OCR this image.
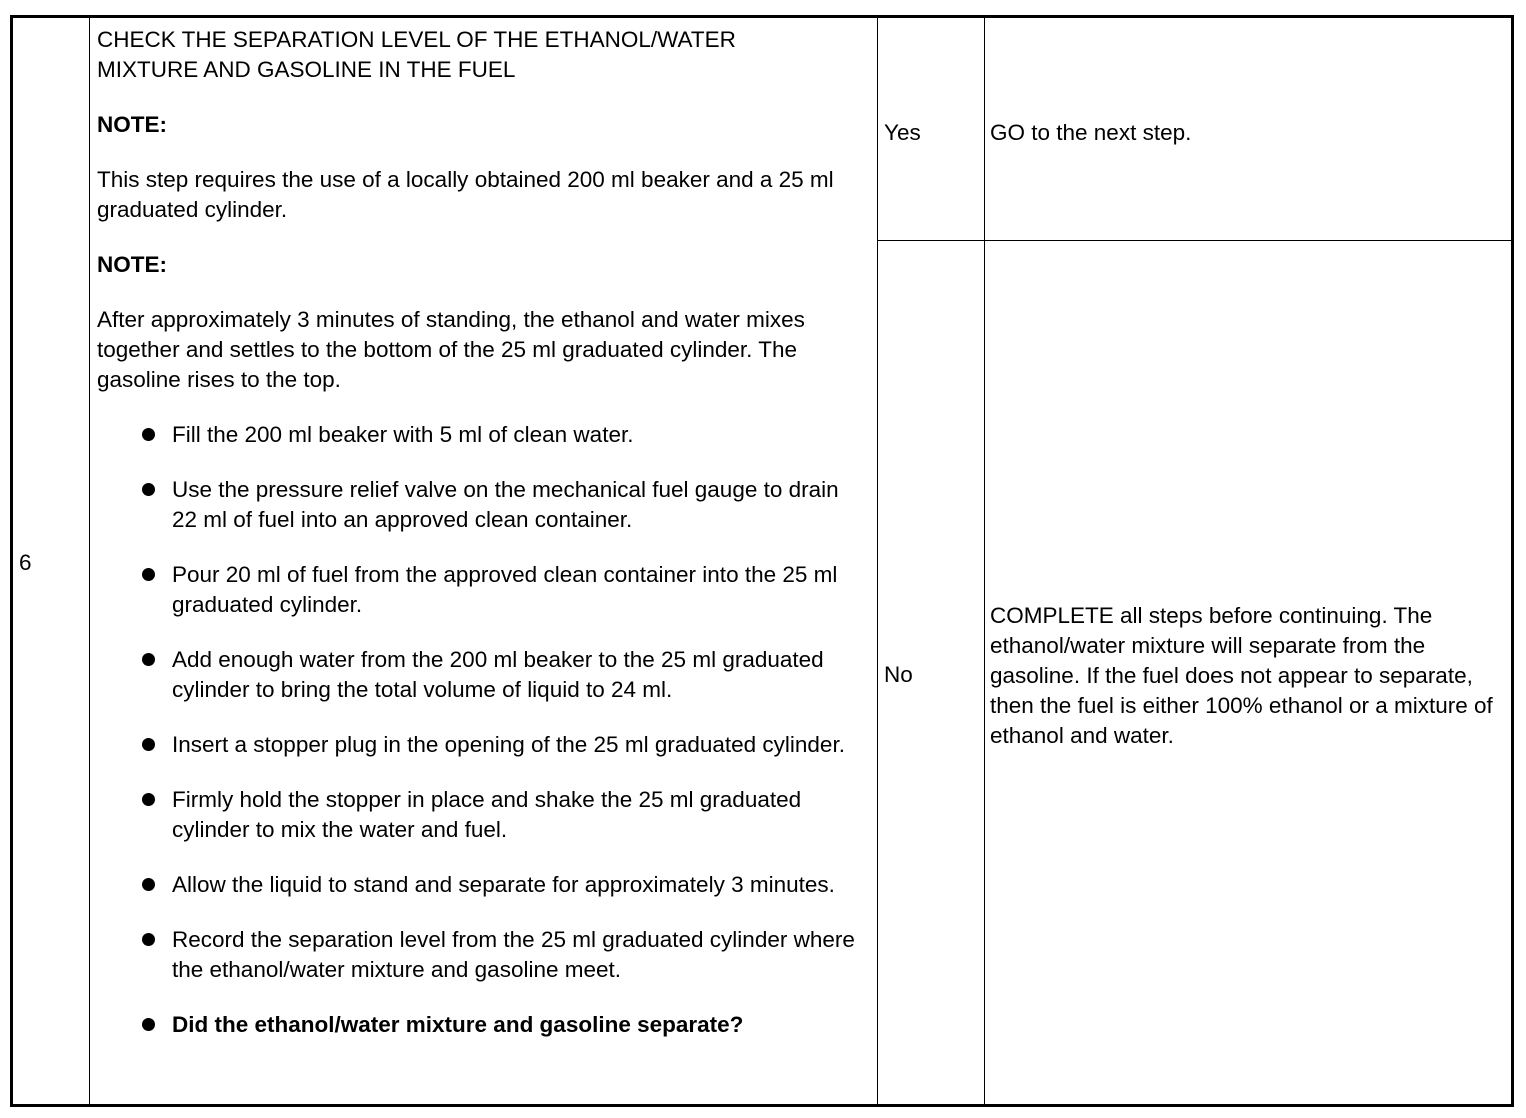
6

CHECK THE SEPARATION LEVEL OF THE ETHANOL/WATER

MIXTURE AND GASOLINE IN THE FUEL

NOTE:

This step requires the use of a locally obtained 200 ml beaker and a 25 ml graduated cylinder.

NOTE:

After approximately 3 minutes of standing, the ethanol and water mixes together and settles to the bottom of the 25 ml graduated cylinder. The gasoline rises to the top.

Fill the 200 ml beaker with 5 ml of clean water.
Use the pressure relief valve on the mechanical fuel gauge to drain 22 ml of fuel into an approved clean container.
Pour 20 ml of fuel from the approved clean container into the 25 ml graduated cylinder.
Add enough water from the 200 ml beaker to the 25 ml graduated cylinder to bring the total volume of liquid to 24 ml.
Insert a stopper plug in the opening of the 25 ml graduated cylinder.
Firmly hold the stopper in place and shake the 25 ml graduated cylinder to mix the water and fuel.
Allow the liquid to stand and separate for approximately 3 minutes.
Record the separation level from the 25 ml graduated cylinder where the ethanol/water mixture and gasoline meet.
Did the ethanol/water mixture and gasoline separate?
Yes	GO to the next step.
No
COMPLETE all steps before continuing. The ethanol/water mixture will separate from the gasoline. If the fuel does not appear to separate, then the fuel is either 100% ethanol or a mixture of ethanol and water.
